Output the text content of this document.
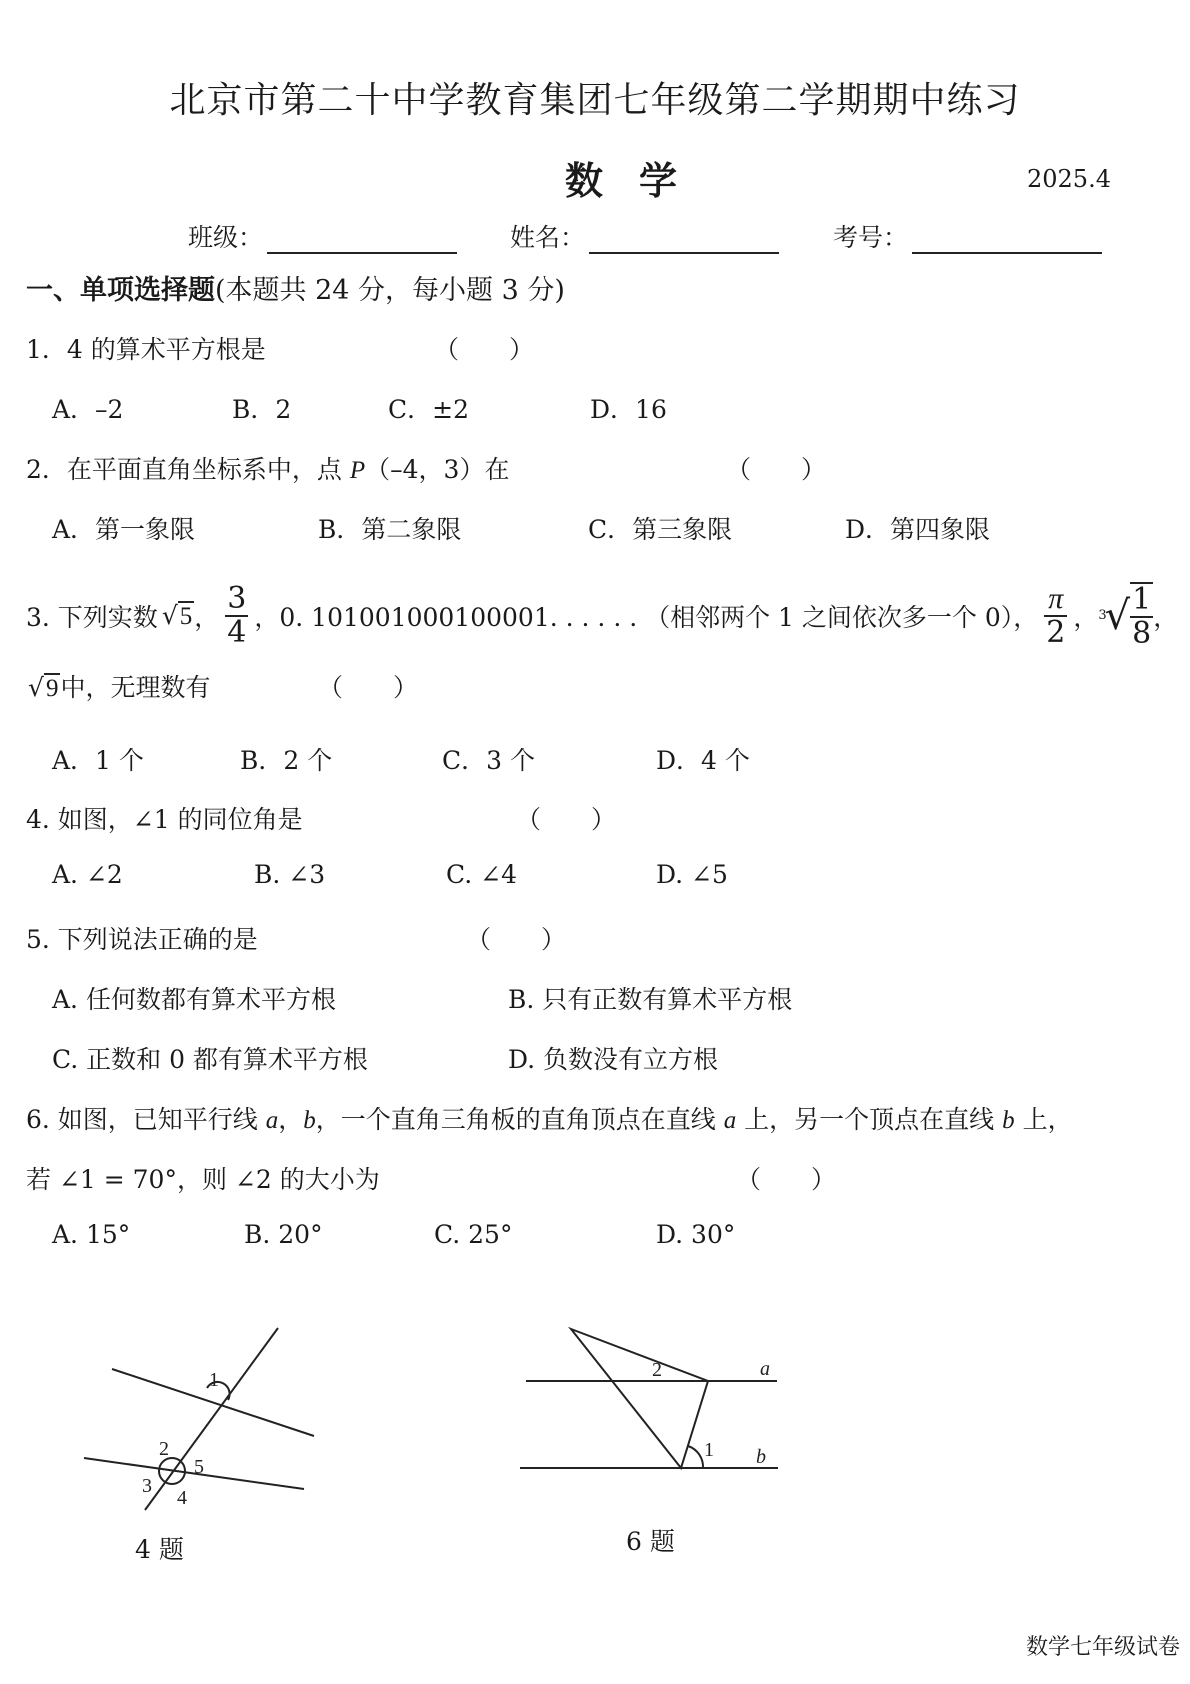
北京市第二十中学教育集团七年级第二学期期中练习
数学	2025.4
班级：	姓名：	考号：
一、单项选择题(本题共 24 分，每小题 3 分)
1．4 的算术平方根是	（　　）
A．–2	B．2	C．±2	D．16
2．在平面直角坐标系中，点 P（–4，3）在	（　　）
A．第一象限	B．第二象限	C．第三象限	D．第四象限
3. 下列实数 √5 ， $\frac{3}{4}$ ，0. 101001000100001. . . . . . （相邻两个 1 之间依次多一个 0）， $\frac{\pi}{2}$ ， 3
√ $\frac{1}{8}$ ，
√9中，无理数有	（　　）
A．1 个	B．2 个	C．3 个	D．4 个
4. 如图，∠1 的同位角是	（　　）
A. ∠2	B. ∠3	C. ∠4	D. ∠5
5. 下列说法正确的是	（　　）
A. 任何数都有算术平方根	B. 只有正数有算术平方根
C. 正数和 0 都有算术平方根	D. 负数没有立方根
6. 如图，已知平行线 a，b，一个直角三角板的直角顶点在直线 a 上，另一个顶点在直线 b 上，
若 ∠1 = 70°，则 ∠2 的大小为	（　　）
A. 15°	B. 20°	C. 25°	D. 30°
1
2
3
4
5
4 题
2	a
1 b
6 题
数学七年级试卷
